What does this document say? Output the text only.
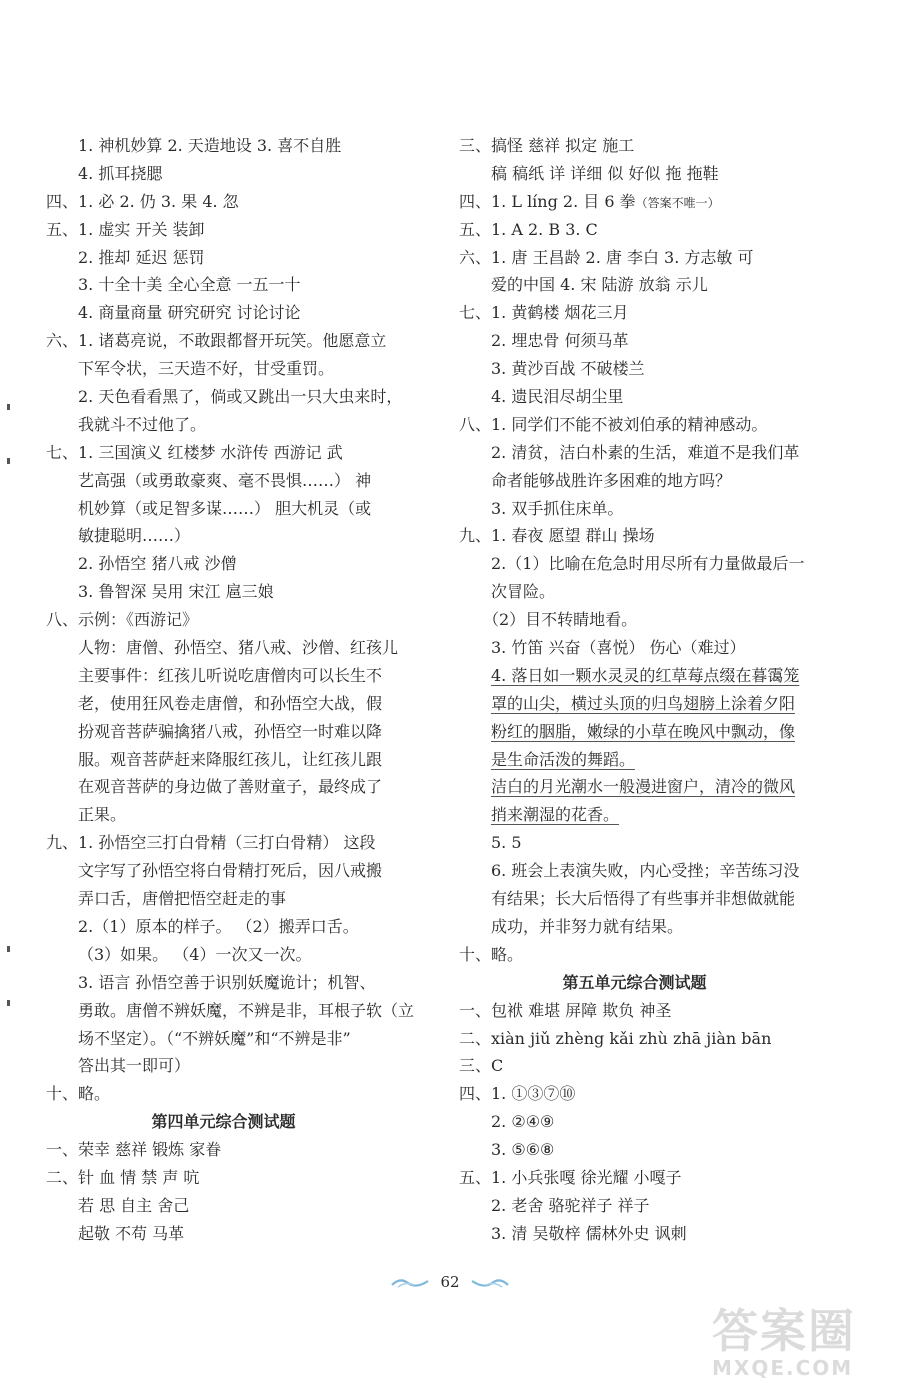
1. 神机妙算 2. 天造地设 3. 喜不自胜
4. 抓耳挠腮
四、1. 必 2. 仍 3. 果 4. 忽
五、1. 虚实 开关 装卸
2. 推却 延迟 惩罚
3. 十全十美 全心全意 一五一十
4. 商量商量 研究研究 讨论讨论
六、1. 诸葛亮说，不敢跟都督开玩笑。他愿意立
下军令状，三天造不好，甘受重罚。
2. 天色看看黑了，倘或又跳出一只大虫来时，
我就斗不过他了。
七、1. 三国演义 红楼梦 水浒传 西游记 武
艺高强（或勇敢豪爽、毫不畏惧……） 神
机妙算（或足智多谋……） 胆大机灵（或
敏捷聪明……）
2. 孙悟空 猪八戒 沙僧
3. 鲁智深 吴用 宋江 扈三娘
八、示例：《西游记》
人物：唐僧、孙悟空、猪八戒、沙僧、红孩儿
主要事件：红孩儿听说吃唐僧肉可以长生不
老，使用狂风卷走唐僧，和孙悟空大战，假
扮观音菩萨骗擒猪八戒，孙悟空一时难以降
服。观音菩萨赶来降服红孩儿，让红孩儿跟
在观音菩萨的身边做了善财童子，最终成了
正果。
九、1. 孙悟空三打白骨精（三打白骨精） 这段
文字写了孙悟空将白骨精打死后，因八戒搬
弄口舌，唐僧把悟空赶走的事
2.（1）原本的样子。 （2）搬弄口舌。
（3）如果。 （4）一次又一次。
3. 语言 孙悟空善于识别妖魔诡计；机智、
勇敢。唐僧不辨妖魔，不辨是非，耳根子软（立
场不坚定）。（“不辨妖魔”和“不辨是非”
答出其一即可）
十、略。
第四单元综合测试题
一、荣幸 慈祥 锻炼 家眷
二、针 血 情 禁 声 吭
若 思 自主 舍己
起敬 不苟 马革
三、搞怪 慈祥 拟定 施工
稿 稿纸 详 详细 似 好似 拖 拖鞋
四、1. L líng 2. 目 6 拳（答案不唯一）
五、1. A 2. B 3. C
六、1. 唐 王昌龄 2. 唐 李白 3. 方志敏 可
爱的中国 4. 宋 陆游 放翁 示儿
七、1. 黄鹤楼 烟花三月
2. 埋忠骨 何须马革
3. 黄沙百战 不破楼兰
4. 遗民泪尽胡尘里
八、1. 同学们不能不被刘伯承的精神感动。
2. 清贫，洁白朴素的生活，难道不是我们革
命者能够战胜许多困难的地方吗？
3. 双手抓住床单。
九、1. 春夜 愿望 群山 操场
2.（1）比喻在危急时用尽所有力量做最后一
次冒险。
（2）目不转睛地看。
3. 竹笛 兴奋（喜悦） 伤心（难过）
4. 落日如一颗水灵灵的红草莓点缀在暮霭笼
罩的山尖，横过头顶的归鸟翅膀上涂着夕阳
粉红的胭脂，嫩绿的小草在晚风中飘动，像
是生命活泼的舞蹈。
洁白的月光潮水一般漫进窗户，清冷的微风
捎来潮湿的花香。
5. 5
6. 班会上表演失败，内心受挫；辛苦练习没
有结果；长大后悟得了有些事并非想做就能
成功，并非努力就有结果。
十、略。
第五单元综合测试题
一、包袱 难堪 屏障 欺负 神圣
二、xiàn jiǔ zhèng kǎi zhù zhā jiàn bān
三、C
四、1. ①③⑦⑩
2. ②④⑨
3. ⑤⑥⑧
五、1. 小兵张嘎 徐光耀 小嘎子
2. 老舍 骆驼祥子 祥子
3. 清 吴敬梓 儒林外史 讽刺
62
答案圈
MXQE.COM
